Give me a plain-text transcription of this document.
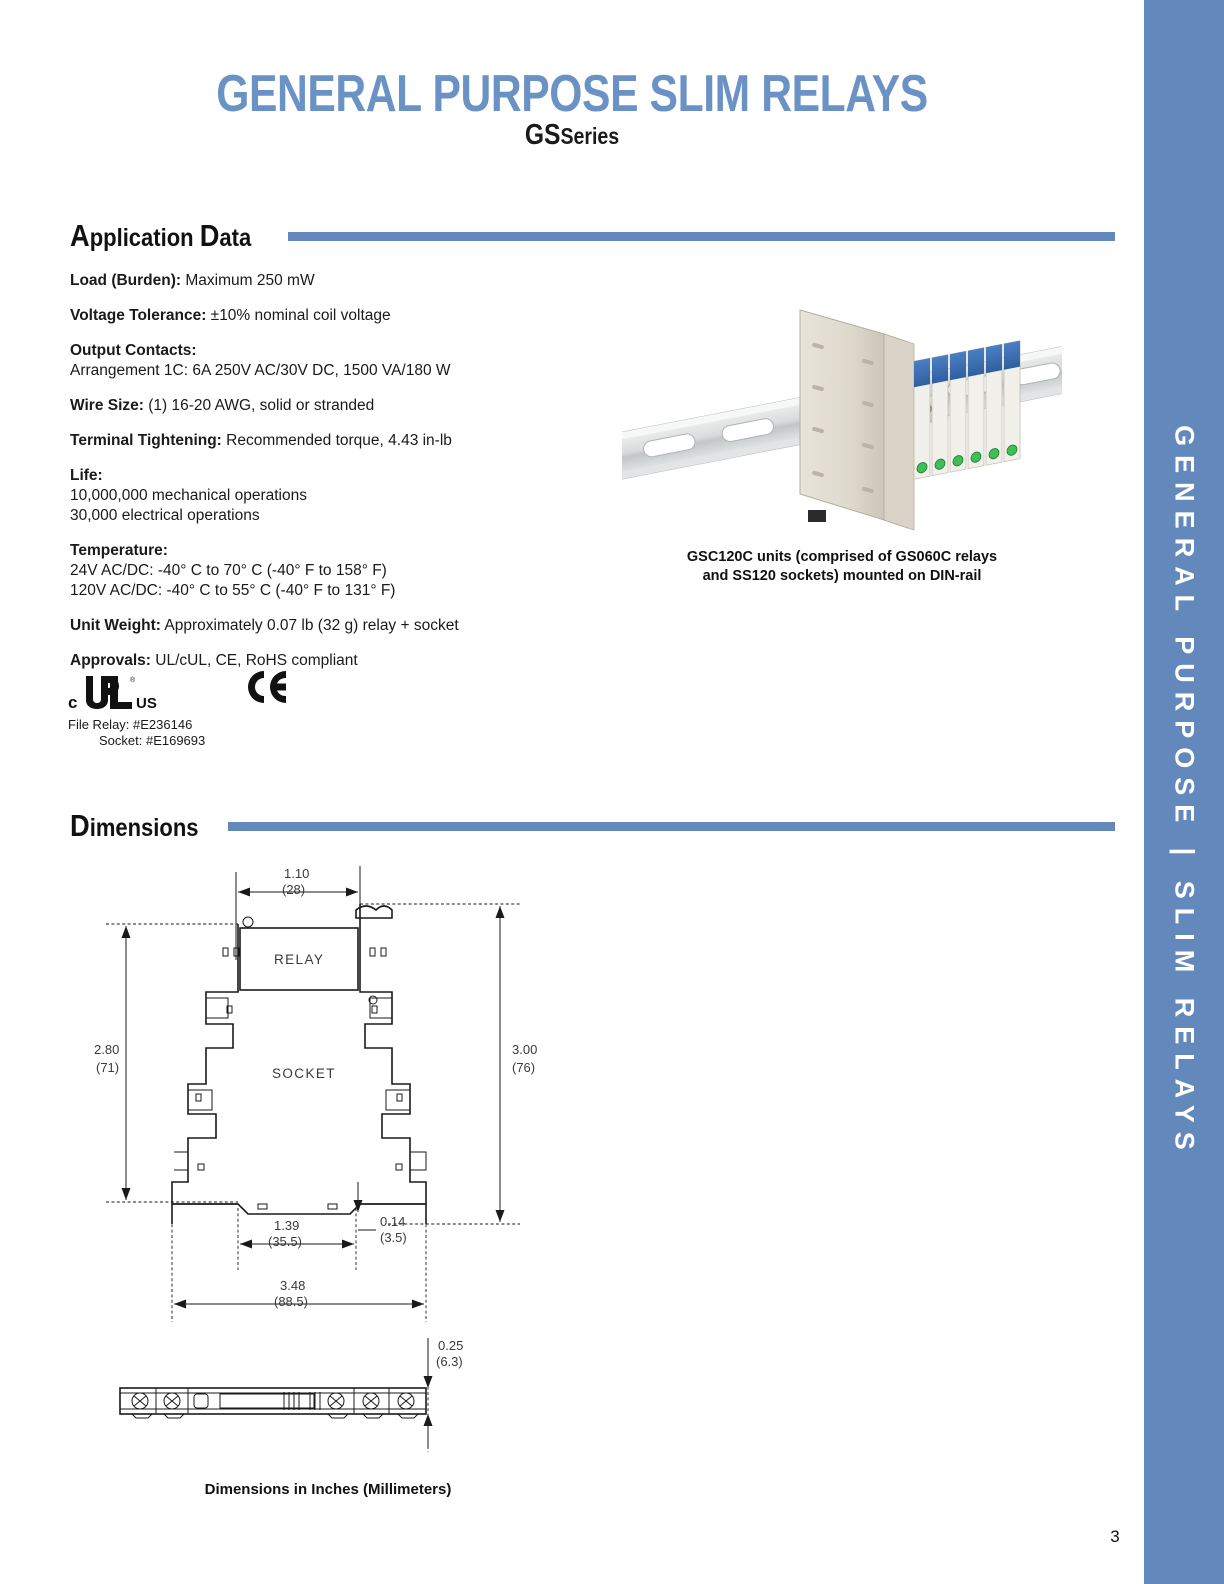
GENERAL PURPOSE SLIM RELAYS
GSSeries
Application Data
Load (Burden): Maximum 250 mW
Voltage Tolerance: ±10% nominal coil voltage
Output Contacts:
Arrangement 1C: 6A 250V AC/30V DC, 1500 VA/180 W
Wire Size: (1) 16-20 AWG, solid or stranded
Terminal Tightening: Recommended torque, 4.43 in-lb
Life:
10,000,000 mechanical operations
30,000 electrical operations
Temperature:
24V AC/DC: -40° C to 70° C (-40° F to 158° F)
120V AC/DC: -40° C to 55° C (-40° F to 131° F)
Unit Weight: Approximately 0.07 lb (32 g) relay + socket
Approvals: UL/cUL, CE, RoHS compliant
c	US
®
File Relay: #E236146
Socket: #E169693
GSC120C units (comprised of GS060C relays
and SS120 sockets) mounted on DIN-rail
Dimensions
1.10
(28)
2.80
(71)
3.00
(76)
RELAY
SOCKET
0.14
(3.5)
1.39
(35.5)
3.48
(88.5)
0.25
(6.3)
Dimensions in Inches (Millimeters)
3
GENERAL PURPOSE | SLIM RELAYS
